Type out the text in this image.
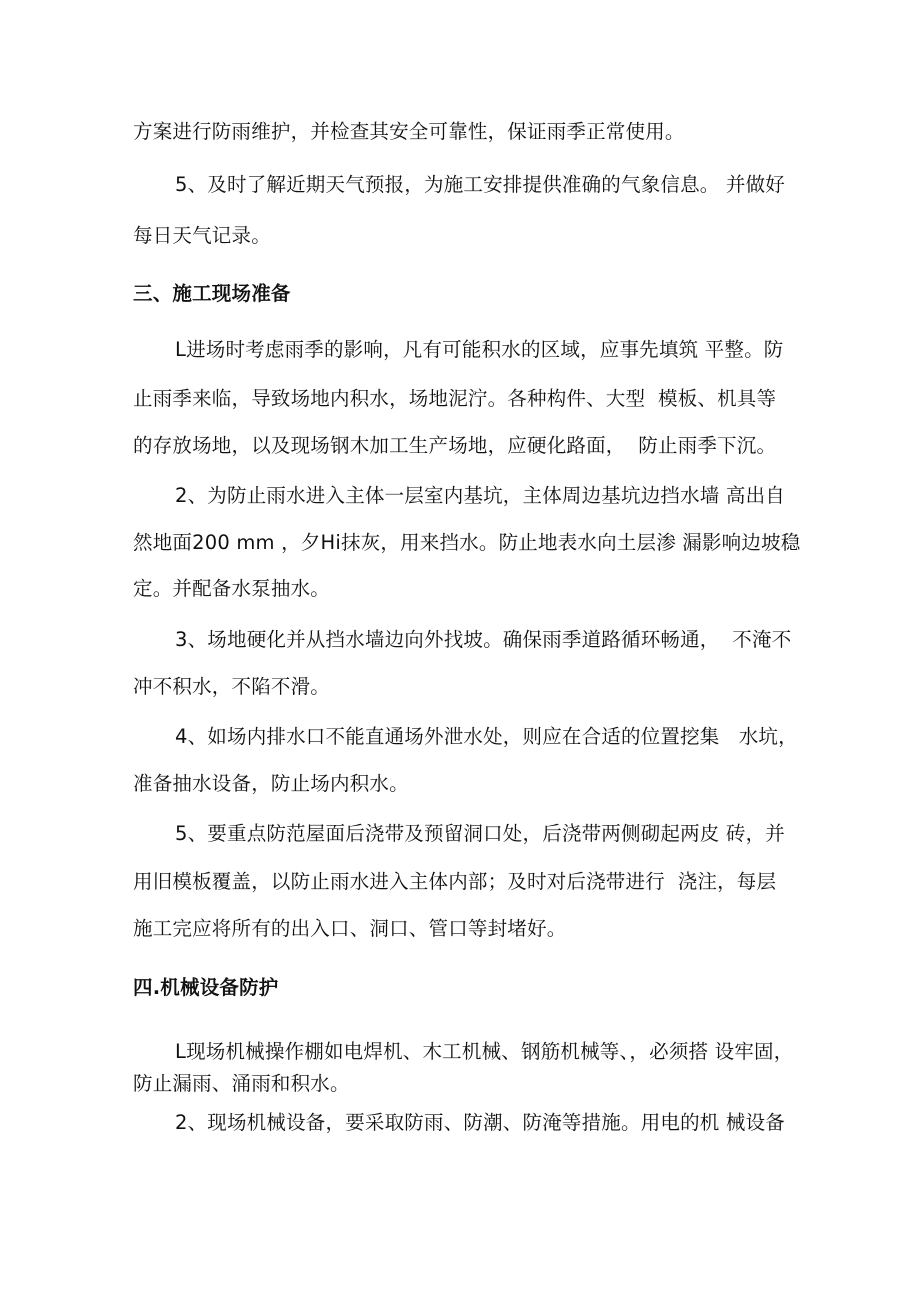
方案进行防雨维护，并检查其安全可靠性，保证雨季正常使用。
5、及时了解近期天气预报，为施工安排提供准确的气象信息。 并做好
每日天气记录。
三、施工现场准备
L进场时考虑雨季的影响，凡有可能积水的区域，应事先填筑 平整。防
止雨季来临，导致场地内积水，场地泥泞。各种构件、大型  模板、机具等
的存放场地，以及现场钢木加工生产场地，应硬化路面，  防止雨季下沉。
2、为防止雨水进入主体一层室内基坑，主体周边基坑边挡水墙 高出自
然地面200 mm ，夕Hi抹灰，用来挡水。防止地表水向土层渗 漏影响边坡稳
定。并配备水泵抽水。
3、场地硬化并从挡水墙边向外找坡。确保雨季道路循环畅通，  不淹不
冲不积水，不陷不滑。
4、如场内排水口不能直通场外泄水处，则应在合适的位置挖集   水坑，
准备抽水设备，防止场内积水。
5、要重点防范屋面后浇带及预留洞口处，后浇带两侧砌起两皮 砖，并
用旧模板覆盖，以防止雨水进入主体内部；及时对后浇带进行  浇注，每层
施工完应将所有的出入口、洞口、管口等封堵好。
四.机械设备防护
L现场机械操作棚如电焊机、木工机械、钢筋机械等、，必须搭 设牢固，
防止漏雨、涌雨和积水。
2、现场机械设备，要采取防雨、防潮、防淹等措施。用电的机 械设备
